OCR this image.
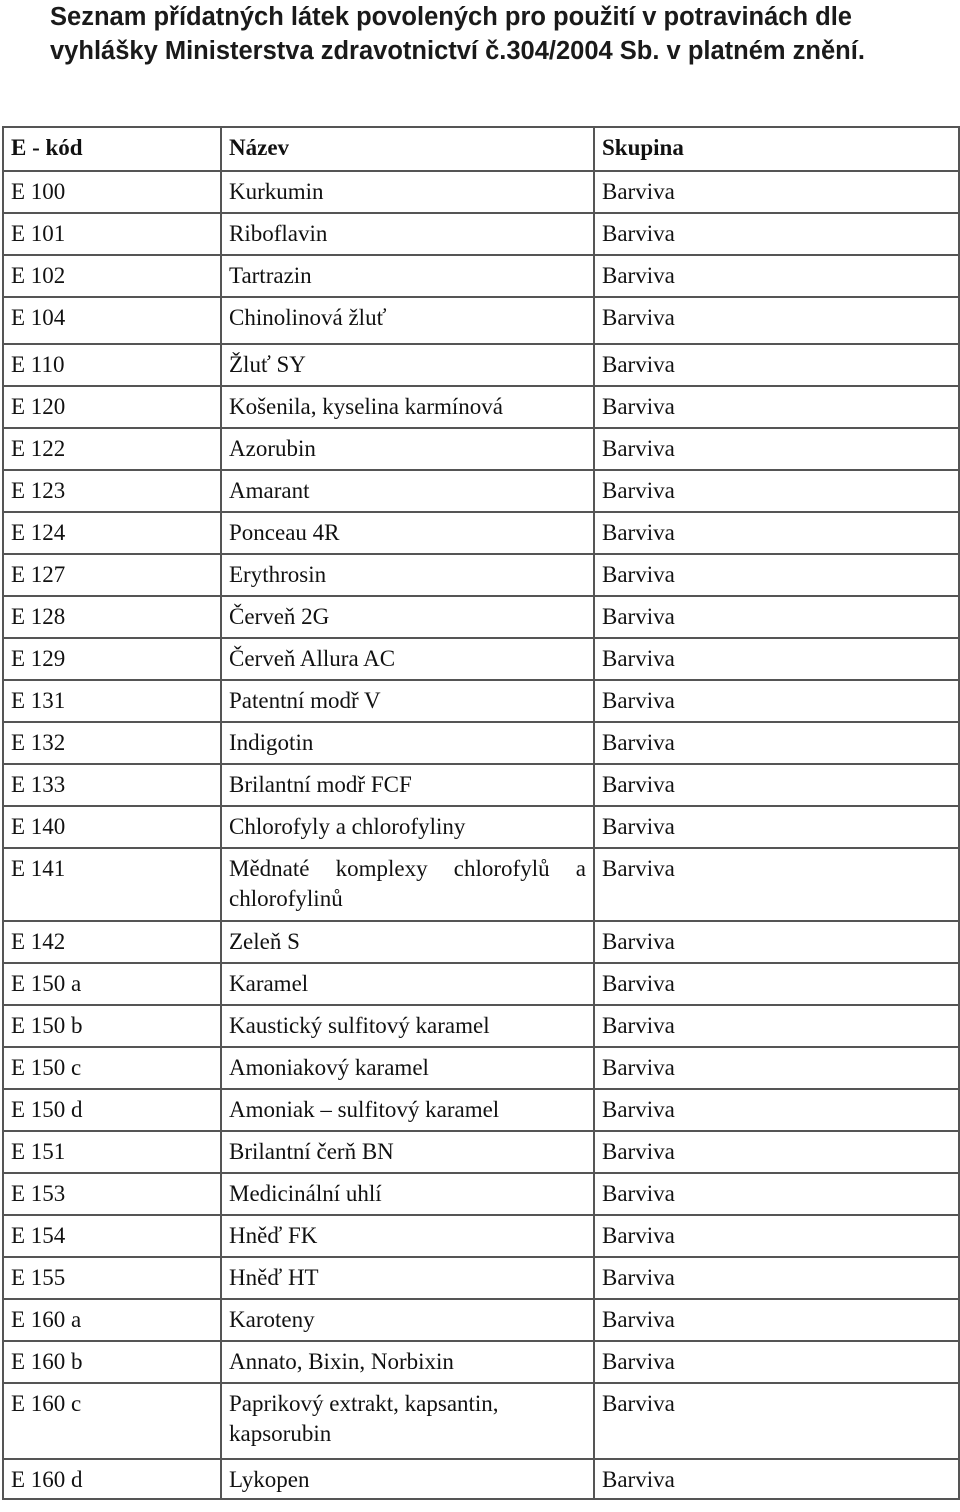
Seznam přídatných látek povolených pro použití v potravinách dle
vyhlášky Ministerstva zdravotnictví č.304/2004 Sb. v platném znění.
E - kód	Název	Skupina
E 100	Kurkumin	Barviva
E 101	Riboflavin	Barviva
E 102	Tartrazin	Barviva
E 104	Chinolinová žluť	Barviva
E 110	Žluť SY	Barviva
E 120	Košenila, kyselina karmínová	Barviva
E 122	Azorubin	Barviva
E 123	Amarant	Barviva
E 124	Ponceau 4R	Barviva
E 127	Erythrosin	Barviva
E 128	Červeň 2G	Barviva
E 129	Červeň Allura AC	Barviva
E 131	Patentní modř V	Barviva
E 132	Indigotin	Barviva
E 133	Brilantní modř FCF	Barviva
E 140	Chlorofyly a chlorofyliny	Barviva
E 141	Mědnaté komplexy chlorofylů a chlorofylinů	Barviva
E 142	Zeleň S	Barviva
E 150 a	Karamel	Barviva
E 150 b	Kaustický sulfitový karamel	Barviva
E 150 c	Amoniakový karamel	Barviva
E 150 d	Amoniak – sulfitový karamel	Barviva
E 151	Brilantní čerň BN	Barviva
E 153	Medicinální uhlí	Barviva
E 154	Hněď FK	Barviva
E 155	Hněď HT	Barviva
E 160 a	Karoteny	Barviva
E 160 b	Annato, Bixin, Norbixin	Barviva
E 160 c	Paprikový extrakt, kapsantin, kapsorubin	Barviva
E 160 d	Lykopen	Barviva
